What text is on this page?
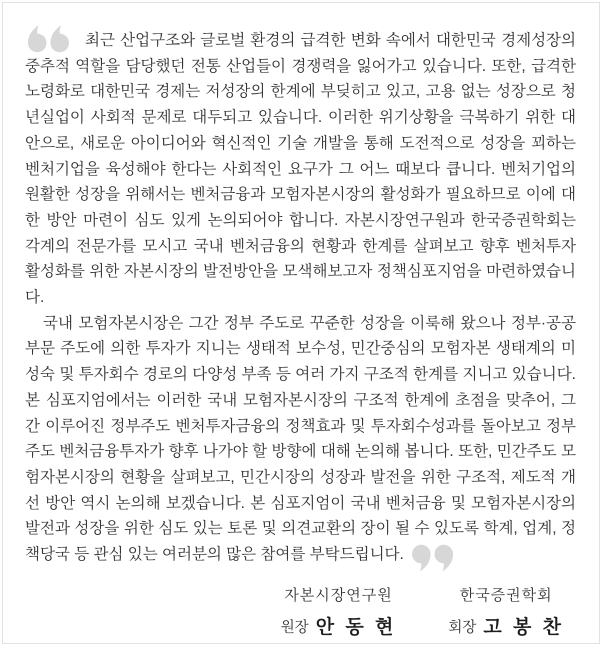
최근 산업구조와 글로벌 환경의 급격한 변화 속에서 대한민국 경제성장의 중추적 역할을 담당했던 전통 산업들이 경쟁력을 잃어가고 있습니다. 또한, 급격한 노령화로 대한민국 경제는 저성장의 한계에 부딪히고 있고, 고용 없는 성장으로 청년실업이 사회적 문제로 대두되고 있습니다. 이러한 위기상황을 극복하기 위한 대안으로, 새로운 아이디어와 혁신적인 기술 개발을 통해 도전적으로 성장을 꾀하는 벤처기업을 육성해야 한다는 사회적인 요구가 그 어느 때보다 큽니다. 벤처기업의 원활한 성장을 위해서는 벤처금융과 모험자본시장의 활성화가 필요하므로 이에 대한 방안 마련이 심도 있게 논의되어야 합니다. 자본시장연구원과 한국증권학회는 각계의 전문가를 모시고 국내 벤처금융의 현황과 한계를 살펴보고 향후 벤처투자 활성화를 위한 자본시장의 발전방안을 모색해보고자 정책심포지엄을 마련하였습니다.

국내 모험자본시장은 그간 정부 주도로 꾸준한 성장을 이룩해 왔으나 정부·공공 부문 주도에 의한 투자가 지니는 생태적 보수성, 민간중심의 모험자본 생태계의 미성숙 및 투자회수 경로의 다양성 부족 등 여러 가지 구조적 한계를 지니고 있습니다. 본 심포지엄에서는 이러한 국내 모험자본시장의 구조적 한계에 초점을 맞추어, 그간 이루어진 정부주도 벤처투자금융의 정책효과 및 투자회수성과를 돌아보고 정부주도 벤처금융투자가 향후 나가야 할 방향에 대해 논의해 봅니다. 또한, 민간주도 모험자본시장의 현황을 살펴보고, 민간시장의 성장과 발전을 위한 구조적, 제도적 개선 방안 역시 논의해 보겠습니다. 본 심포지엄이 국내 벤처금융 및 모험자본시장의 발전과 성장을 위한 심도 있는 토론 및 의견교환의 장이 될 수 있도록 학계, 업계, 정책당국 등 관심 있는 여러분의 많은 참여를 부탁드립니다.

자본시장연구원
원장 안 동 현
한국증권학회
회장 고 봉 찬
